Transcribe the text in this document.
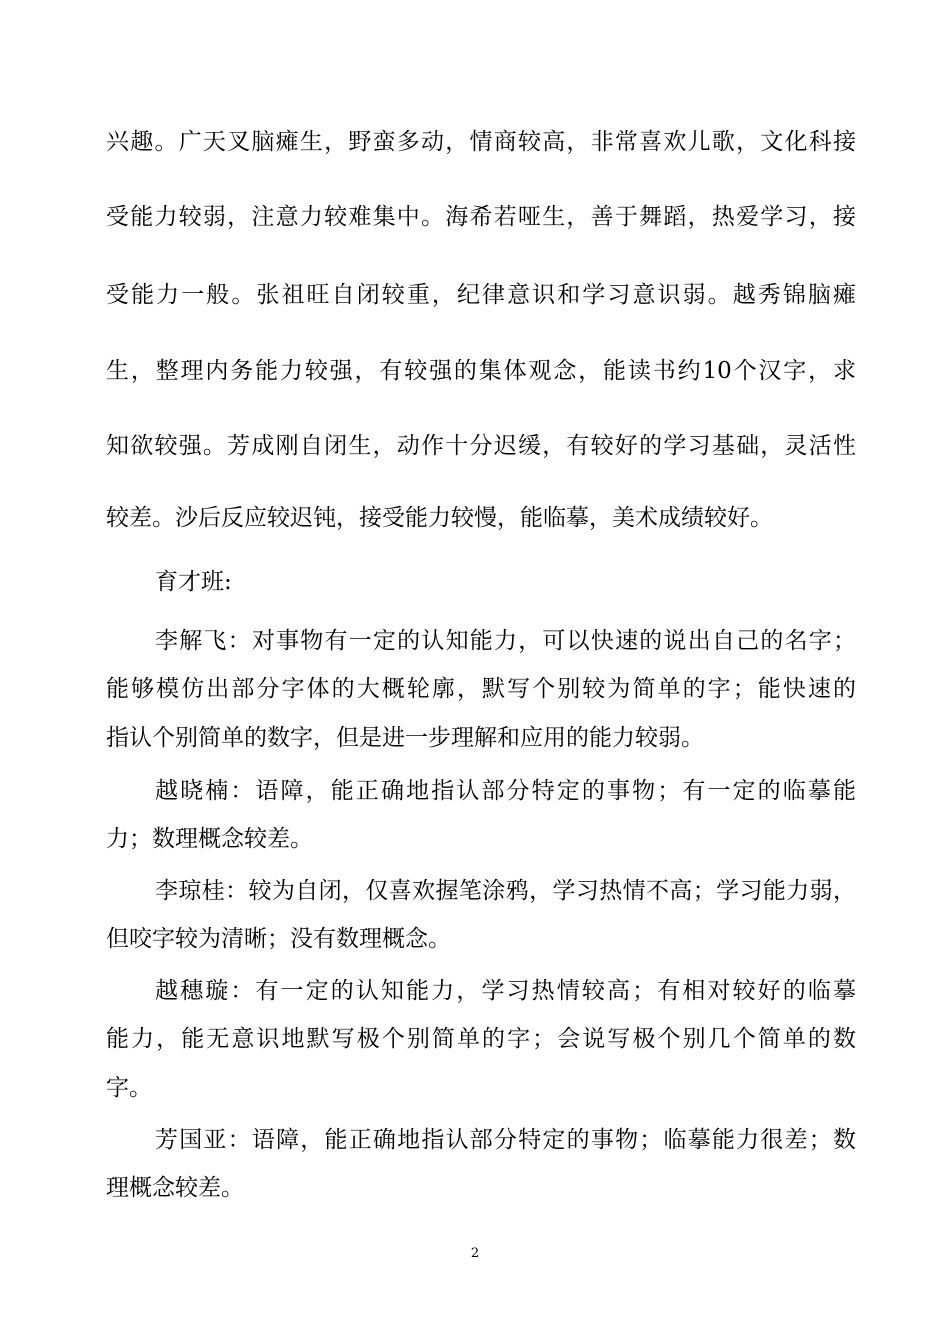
兴趣。广天叉脑瘫生，野蛮多动，情商较高，非常喜欢儿歌，文化科接
受能力较弱，注意力较难集中。海希若哑生，善于舞蹈，热爱学习，接
受能力一般。张祖旺自闭较重，纪律意识和学习意识弱。越秀锦脑瘫
生，整理内务能力较强，有较强的集体观念，能读书约10个汉字，求
知欲较强。芳成刚自闭生，动作十分迟缓，有较好的学习基础，灵活性
较差。沙后反应较迟钝，接受能力较慢，能临摹，美术成绩较好。
育才班:
李解飞：对事物有一定的认知能力，可以快速的说出自己的名字；
能够模仿出部分字体的大概轮廓，默写个别较为简单的字；能快速的
指认个别简单的数字，但是进一步理解和应用的能力较弱。
越晓楠：语障，能正确地指认部分特定的事物；有一定的临摹能
力；数理概念较差。
李琼桂：较为自闭，仅喜欢握笔涂鸦，学习热情不高；学习能力弱，
但咬字较为清晰；没有数理概念。
越穗璇：有一定的认知能力，学习热情较高；有相对较好的临摹
能力，能无意识地默写极个别简单的字；会说写极个别几个简单的数
字。
芳国亚：语障，能正确地指认部分特定的事物；临摹能力很差；数
理概念较差。
2
